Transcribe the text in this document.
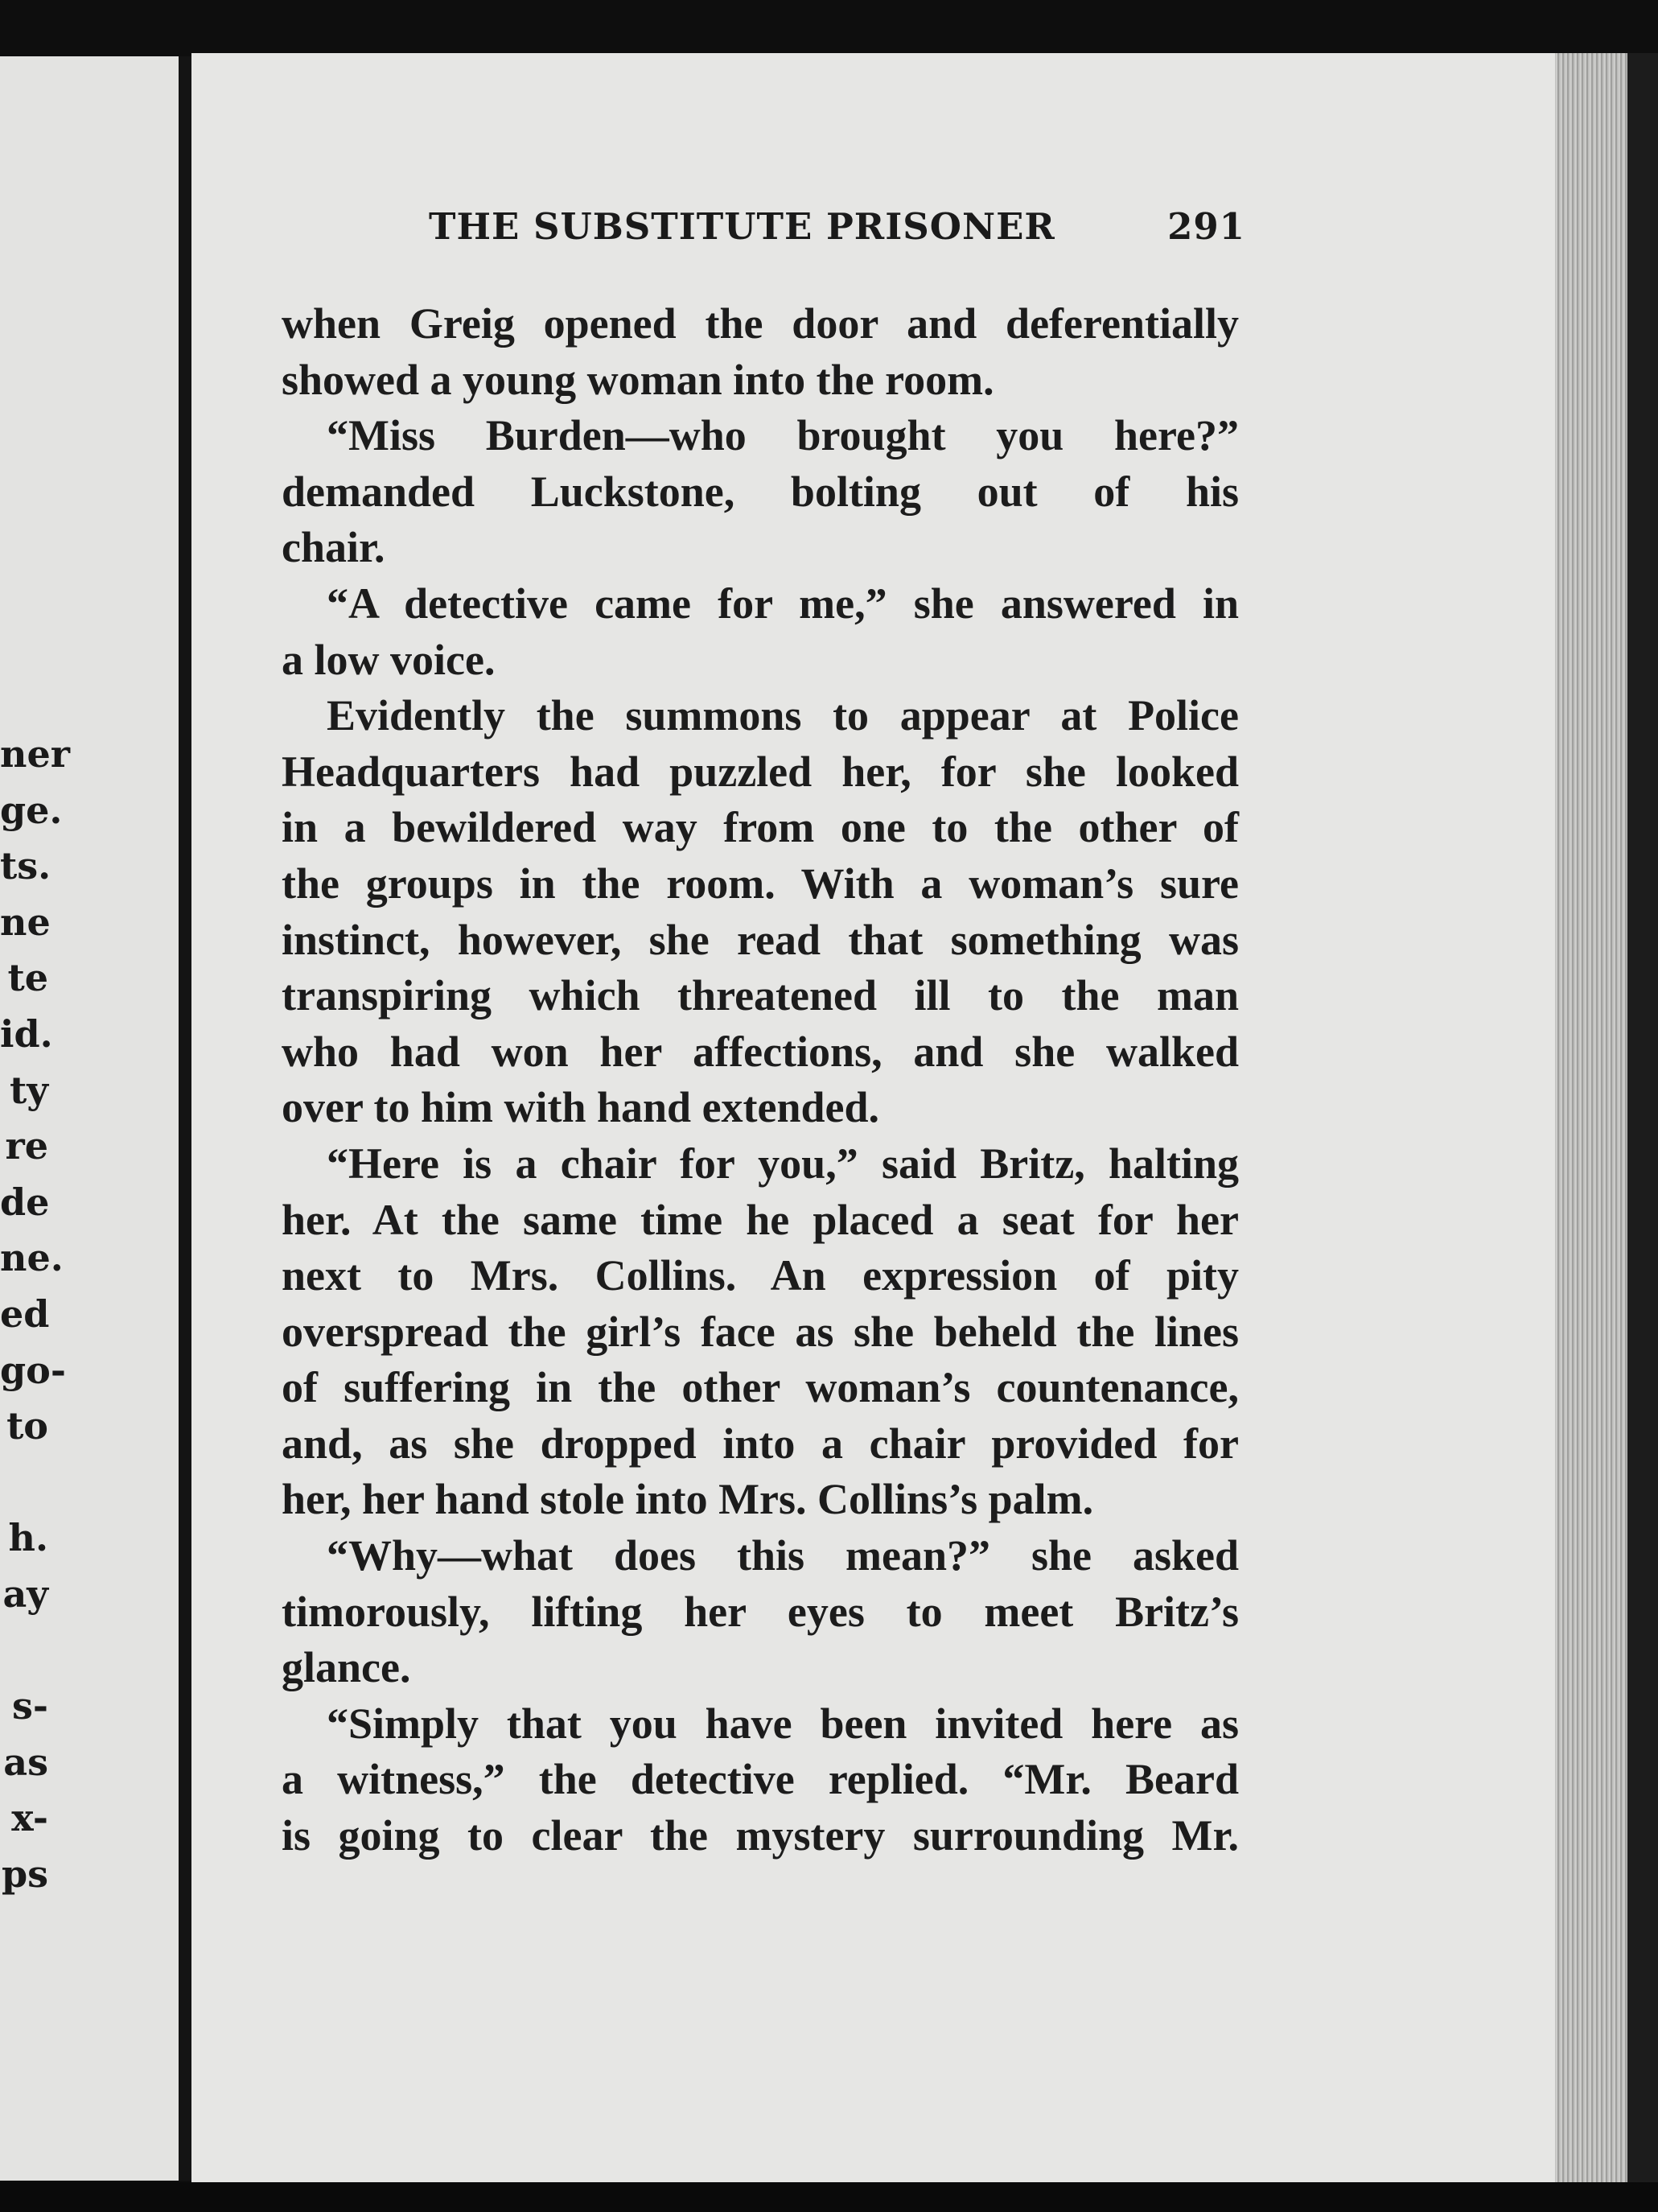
ner
ge.
ts.
ne
te
id.
ty
re
de
ne.
ed
go-
to
h.
ay
s-
as
x-
ps
THE SUBSTITUTE PRISONER	291
when Greig opened the door and deferentially
showed a young woman into the room.
“Miss Burden—who brought you here?”
demanded Luckstone, bolting out of his
chair.
“A detective came for me,” she answered in
a low voice.
Evidently the summons to appear at Police
Headquarters had puzzled her, for she looked
in a bewildered way from one to the other of
the groups in the room. With a woman’s sure
instinct, however, she read that something was
transpiring which threatened ill to the man
who had won her affections, and she walked
over to him with hand extended.
“Here is a chair for you,” said Britz, halting
her. At the same time he placed a seat for her
next to Mrs. Collins. An expression of pity
overspread the girl’s face as she beheld the lines
of suffering in the other woman’s countenance,
and, as she dropped into a chair provided for
her, her hand stole into Mrs. Collins’s palm.
“Why—what does this mean?” she asked
timorously, lifting her eyes to meet Britz’s
glance.
“Simply that you have been invited here as
a witness,” the detective replied. “Mr. Beard
is going to clear the mystery surrounding Mr.
